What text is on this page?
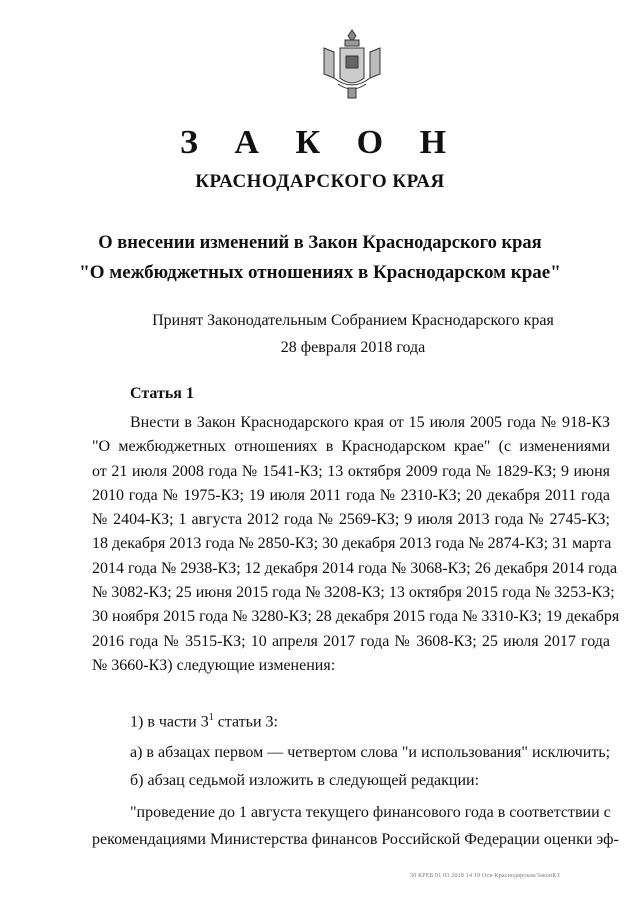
З А К О Н
КРАСНОДАРСКОГО КРАЯ
О внесении изменений в Закон Краснодарского края
"О межбюджетных отношениях в Краснодарском крае"
Принят Законодательным Собранием Краснодарского края
28 февраля 2018 года
Статья 1
Внести в Закон Краснодарского края от 15 июля 2005 года № 918-КЗ
"О межбюджетных отношениях в Краснодарском крае" (с изменениями
от 21 июля 2008 года № 1541-КЗ; 13 октября 2009 года № 1829-КЗ; 9 июня
2010 года № 1975-КЗ; 19 июля 2011 года № 2310-КЗ; 20 декабря 2011 года
№ 2404-КЗ; 1 августа 2012 года № 2569-КЗ; 9 июля 2013 года № 2745-КЗ;
18 декабря 2013 года № 2850-КЗ; 30 декабря 2013 года № 2874-КЗ; 31 марта
2014 года № 2938-КЗ; 12 декабря 2014 года № 3068-КЗ; 26 декабря 2014 года
№ 3082-КЗ; 25 июня 2015 года № 3208-КЗ; 13 октября 2015 года № 3253-КЗ;
30 ноября 2015 года № 3280-КЗ; 28 декабря 2015 года № 3310-КЗ; 19 декабря
2016 года № 3515-КЗ; 10 апреля 2017 года № 3608-КЗ; 25 июля 2017 года
№ 3660-КЗ) следующие изменения:
1) в части $3^1$ статьи 3:
а) в абзацах первом — четвертом слова "и использования" исключить;
б) абзац седьмой изложить в следующей редакции:
"проведение до 1 августа текущего финансового года в соответствии с
рекомендациями Министерства финансов Российской Федерации оценки эф-
30 КРЕБ 01 03 2018 14 19 Осн Краснодарская/ЗаконКЗ
